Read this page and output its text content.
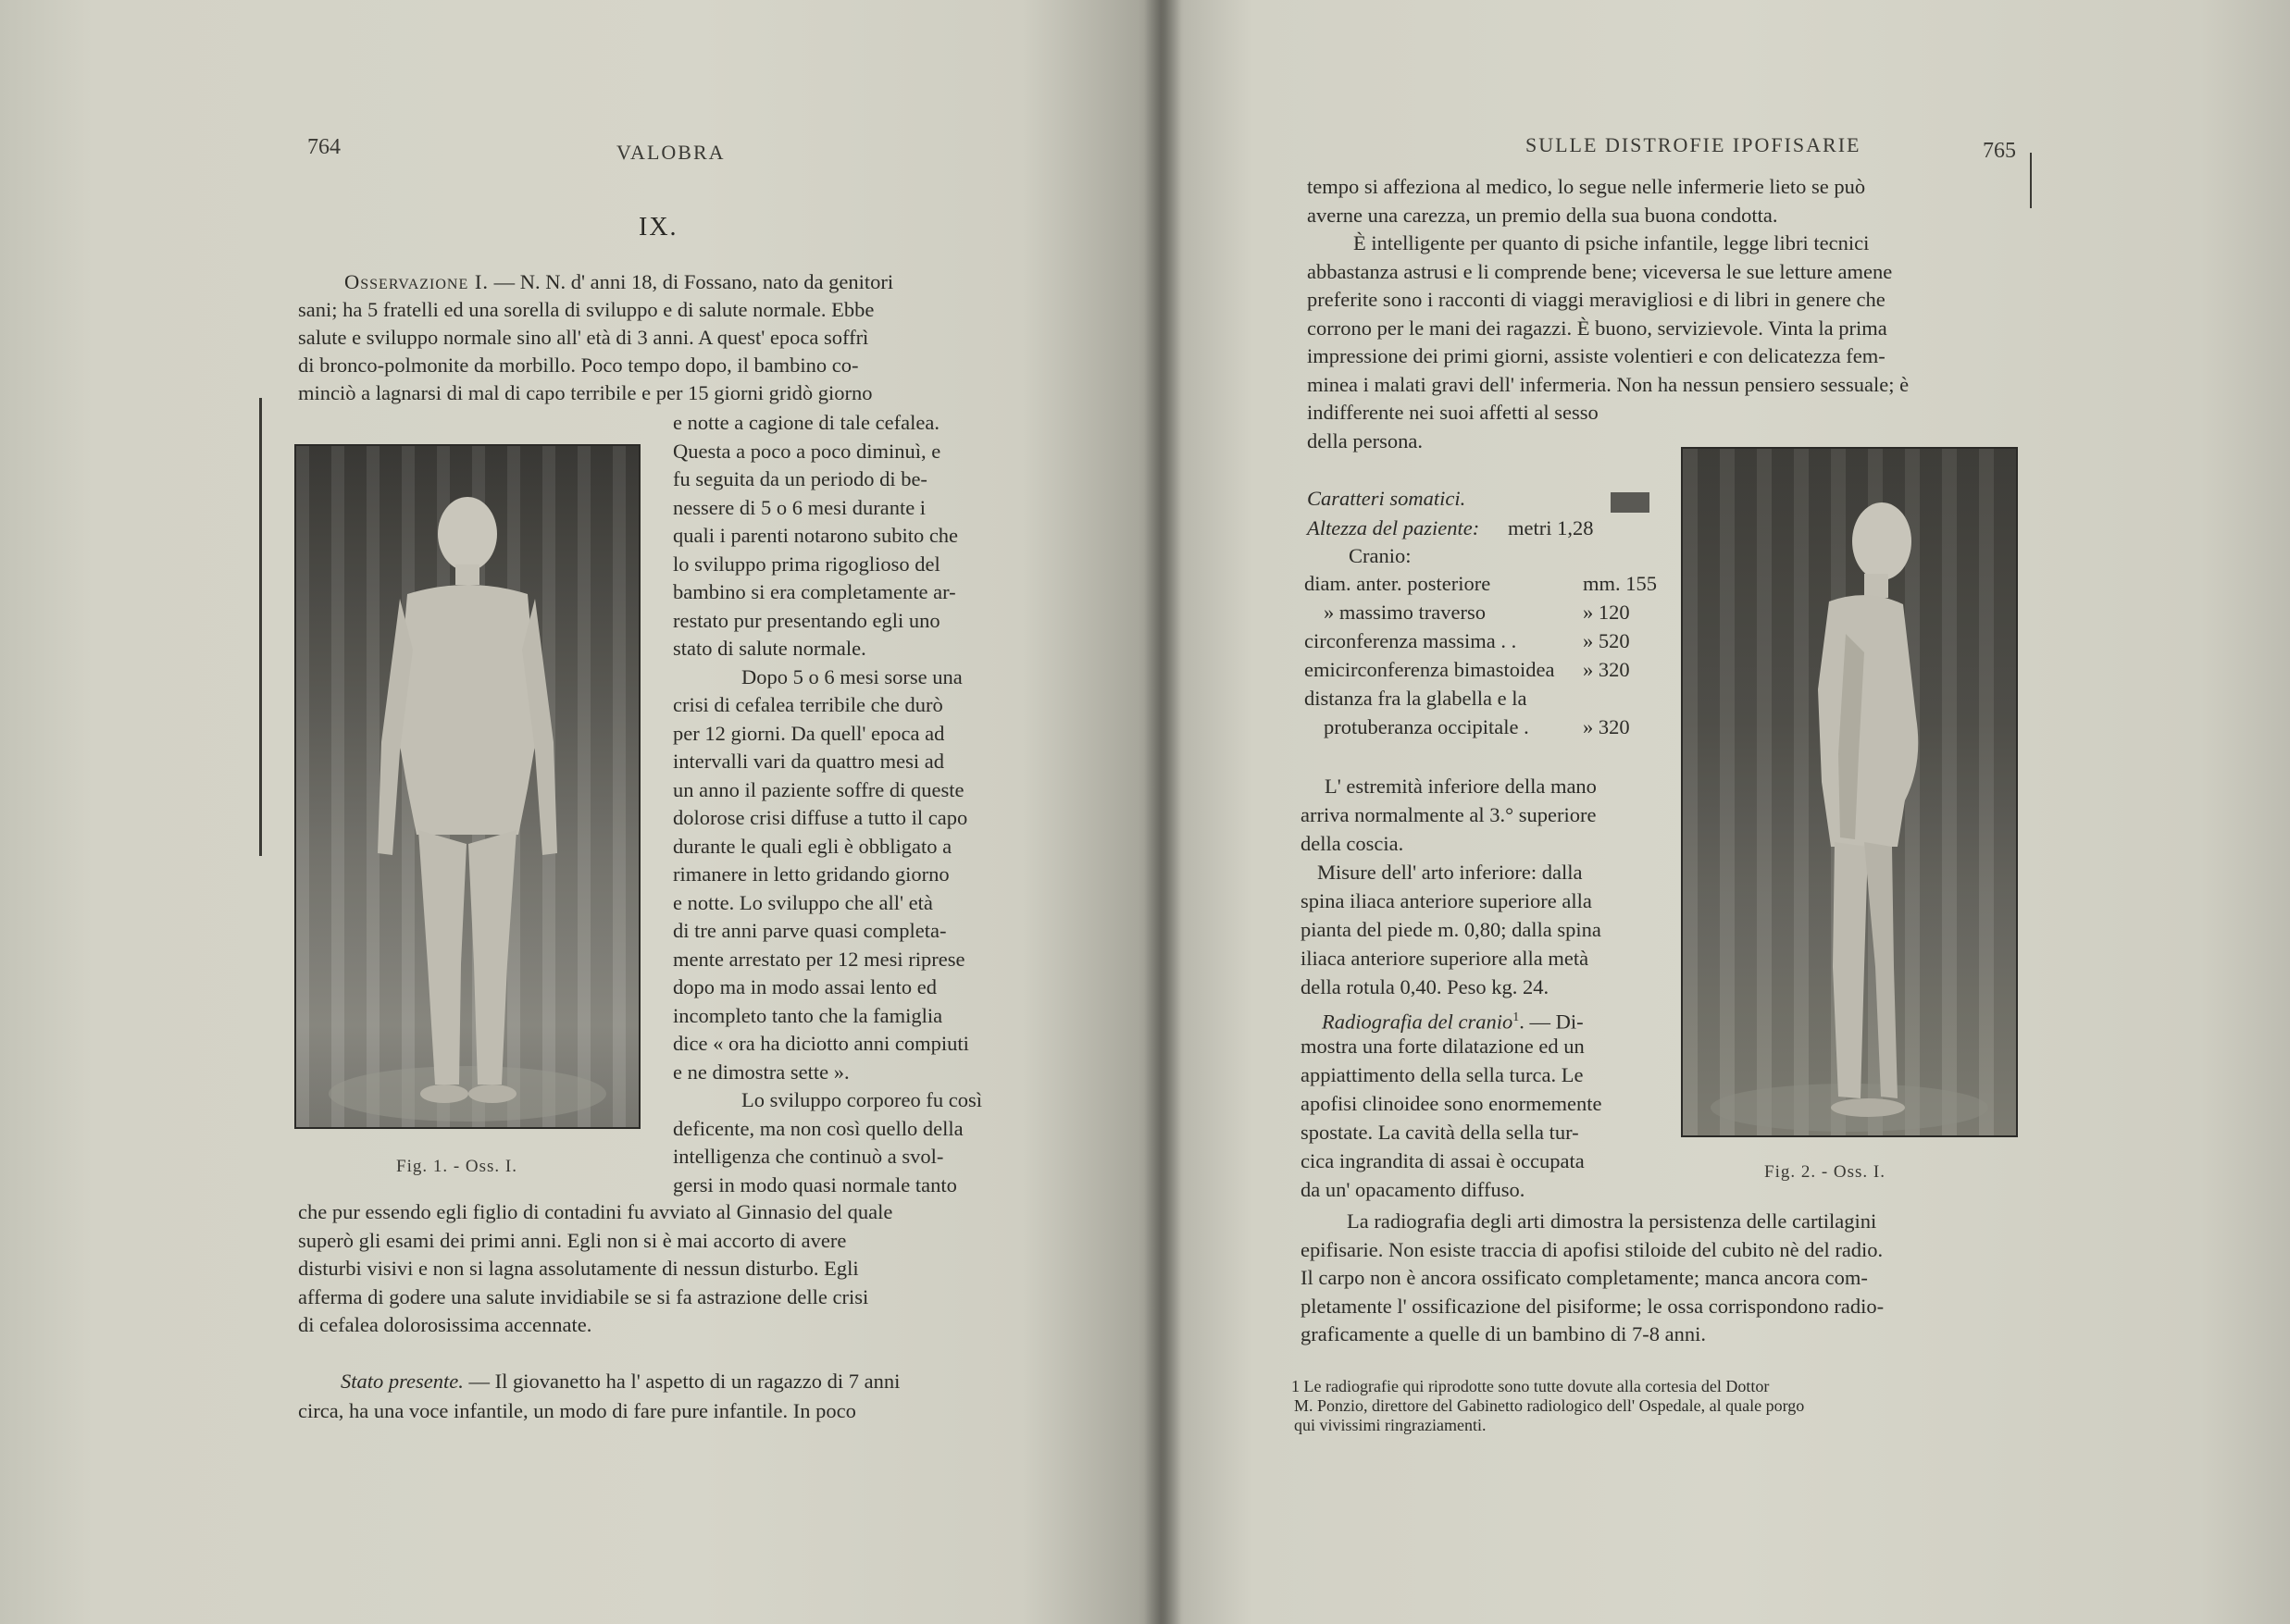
764	VALOBRA
IX.
Osservazione I. — N. N. d' anni 18, di Fossano, nato da genitori
sani; ha 5 fratelli ed una sorella di sviluppo e di salute normale. Ebbe
salute e sviluppo normale sino all' età di 3 anni. A quest' epoca soffrì
di bronco-polmonite da morbillo. Poco tempo dopo, il bambino co-
minciò a lagnarsi di mal di capo terribile e per 15 giorni gridò giorno
e notte a cagione di tale cefalea.
Questa a poco a poco diminuì, e
fu seguita da un periodo di be-
nessere di 5 o 6 mesi durante i
quali i parenti notarono subito che
lo sviluppo prima rigoglioso del
bambino si era completamente ar-
restato pur presentando egli uno
stato di salute normale.
Dopo 5 o 6 mesi sorse una
crisi di cefalea terribile che durò
per 12 giorni. Da quell' epoca ad
intervalli vari da quattro mesi ad
un anno il paziente soffre di queste
dolorose crisi diffuse a tutto il capo
durante le quali egli è obbligato a
rimanere in letto gridando giorno
e notte. Lo sviluppo che all' età
di tre anni parve quasi completa-
mente arrestato per 12 mesi riprese
dopo ma in modo assai lento ed
incompleto tanto che la famiglia
dice « ora ha diciotto anni compiuti
e ne dimostra sette ».
Lo sviluppo corporeo fu così
deficente, ma non così quello della
intelligenza che continuò a svol-
gersi in modo quasi normale tanto
che pur essendo egli figlio di contadini fu avviato al Ginnasio del quale
superò gli esami dei primi anni. Egli non si è mai accorto di avere
disturbi visivi e non si lagna assolutamente di nessun disturbo. Egli
afferma di godere una salute invidiabile se si fa astrazione delle crisi
di cefalea dolorosissima accennate.
Stato presente. — Il giovanetto ha l' aspetto di un ragazzo di 7 anni
circa, ha una voce infantile, un modo di fare pure infantile. In poco
Fig. 1. - Oss. I.
SULLE DISTROFIE IPOFISARIE	765
tempo si affeziona al medico, lo segue nelle infermerie lieto se può
averne una carezza, un premio della sua buona condotta.
È intelligente per quanto di psiche infantile, legge libri tecnici
abbastanza astrusi e li comprende bene; viceversa le sue letture amene
preferite sono i racconti di viaggi meravigliosi e di libri in genere che
corrono per le mani dei ragazzi. È buono, servizievole. Vinta la prima
impressione dei primi giorni, assiste volentieri e con delicatezza fem-
minea i malati gravi dell' infermeria. Non ha nessun pensiero sessuale; è
indifferente nei suoi affetti al sesso
della persona.
Caratteri somatici.
Altezza del paziente: metri 1,28
Cranio:
diam. anter. posteriore	mm. 155
» massimo traverso	» 120
circonferenza massima . .	» 520
emicirconferenza bimastoidea » 320
distanza fra la glabella e la
protuberanza occipitale .	» 320
L' estremità inferiore della mano
arriva normalmente al 3.° superiore
della coscia.
Misure dell' arto inferiore: dalla
spina iliaca anteriore superiore alla
pianta del piede m. 0,80; dalla spina
iliaca anteriore superiore alla metà
della rotula 0,40. Peso kg. 24.
Radiografia del cranio$^1$. — Di-
mostra una forte dilatazione ed un
appiattimento della sella turca. Le
apofisi clinoidee sono enormemente
spostate. La cavità della sella tur-
cica ingrandita di assai è occupata
da un' opacamento diffuso.
La radiografia degli arti dimostra la persistenza delle cartilagini
epifisarie. Non esiste traccia di apofisi stiloide del cubito nè del radio.
Il carpo non è ancora ossificato completamente; manca ancora com-
pletamente l' ossificazione del pisiforme; le ossa corrispondono radio-
graficamente a quelle di un bambino di 7-8 anni.
1 Le radiografie qui riprodotte sono tutte dovute alla cortesia del Dottor
M. Ponzio, direttore del Gabinetto radiologico dell' Ospedale, al quale porgo
qui vivissimi ringraziamenti.
Fig. 2. - Oss. I.
